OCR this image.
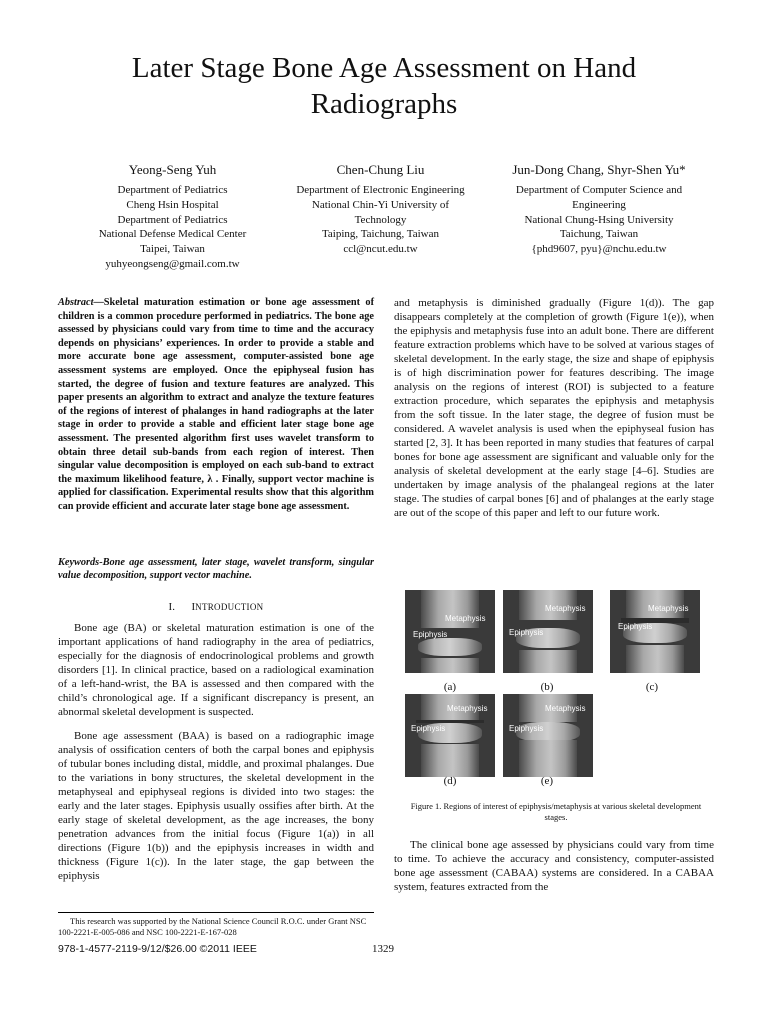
Later Stage Bone Age Assessment on Hand Radiographs
Yeong-Seng Yuh
Department of Pediatrics
Cheng Hsin Hospital
Department of Pediatrics
National Defense Medical Center
Taipei, Taiwan
yuhyeongseng@gmail.com.tw
Chen-Chung Liu
Department of Electronic Engineering
National Chin-Yi University of
Technology
Taiping, Taichung, Taiwan
ccl@ncut.edu.tw
Jun-Dong Chang, Shyr-Shen Yu*
Department of Computer Science and
Engineering
National Chung-Hsing University
Taichung, Taiwan
{phd9607, pyu}@nchu.edu.tw
Abstract—Skeletal maturation estimation or bone age assessment of children is a common procedure performed in pediatrics. The bone age assessed by physicians could vary from time to time and the accuracy depends on physicians’ experiences. In order to provide a stable and more accurate bone age assessment, computer-assisted bone age assessment systems are employed. Once the epiphyseal fusion has started, the degree of fusion and texture features are analyzed. This paper presents an algorithm to extract and analyze the texture features of the regions of interest of phalanges in hand radiographs at the later stage in order to provide a stable and efficient later stage bone age assessment. The presented algorithm first uses wavelet transform to obtain three detail sub-bands from each region of interest. Then singular value decomposition is employed on each sub-band to extract the maximum likelihood feature, λ . Finally, support vector machine is applied for classification. Experimental results show that this algorithm can provide efficient and accurate later stage bone age assessment.
Keywords-Bone age assessment, later stage, wavelet transform, singular value decomposition, support vector machine.
I. INTRODUCTION

Bone age (BA) or skeletal maturation estimation is one of the important applications of hand radiography in the area of pediatrics, especially for the diagnosis of endocrinological problems and growth disorders [1]. In clinical practice, based on a radiological examination of a left-hand-wrist, the BA is assessed and then compared with the child’s chronological age. If a significant discrepancy is present, an abnormal skeletal development is suspected.

Bone age assessment (BAA) is based on a radiographic image analysis of ossification centers of both the carpal bones and epiphysis of tubular bones including distal, middle, and proximal phalanges. Due to the variations in bony structures, the skeletal development in the metaphyseal and epiphyseal regions is divided into two stages: the early and the later stages. Epiphysis usually ossifies after birth. At the early stage of skeletal development, as the age increases, the bony penetration advances from the initial focus (Figure 1(a)) in all directions (Figure 1(b)) and the epiphysis increases in width and thickness (Figure 1(c)). In the later stage, the gap between the epiphysis

and metaphysis is diminished gradually (Figure 1(d)). The gap disappears completely at the completion of growth (Figure 1(e)), when the epiphysis and metaphysis fuse into an adult bone. There are different feature extraction problems which have to be solved at various stages of skeletal development. In the early stage, the size and shape of epiphysis is of high discrimination power for features describing. The image analysis on the regions of interest (ROI) is subjected to a feature extraction procedure, which separates the epiphysis and metaphysis from the soft tissue. In the later stage, the degree of fusion must be considered. A wavelet analysis is used when the epiphyseal fusion has started [2, 3]. It has been reported in many studies that features of carpal bones for bone age assessment are significant and valuable only for the analysis of skeletal development at the early stage [4–6]. Studies are undertaken by image analysis of the phalangeal regions at the later stage. The studies of carpal bones [6] and of phalanges at the early stage are out of the scope of this paper and left to our future work.

Metaphysis
Epiphysis
(a)
Metaphysis
Epiphysis
(b)
Metaphysis
Epiphysis
(c)
Metaphysis
Epiphysis
(d)
Metaphysis
Epiphysis
(e)
Figure 1. Regions of interest of epiphysis/metaphysis at various skeletal development stages.

The clinical bone age assessed by physicians could vary from time to time. To achieve the accuracy and consistency, computer-assisted bone age assessment (CABAA) systems are considered. In a CABAA system, features extracted from the

This research was supported by the National Science Council R.O.C. under Grant NSC 100-2221-E-005-086 and NSC 100-2221-E-167-028
978-1-4577-2119-9/12/$26.00 ©2011 IEEE	1329
